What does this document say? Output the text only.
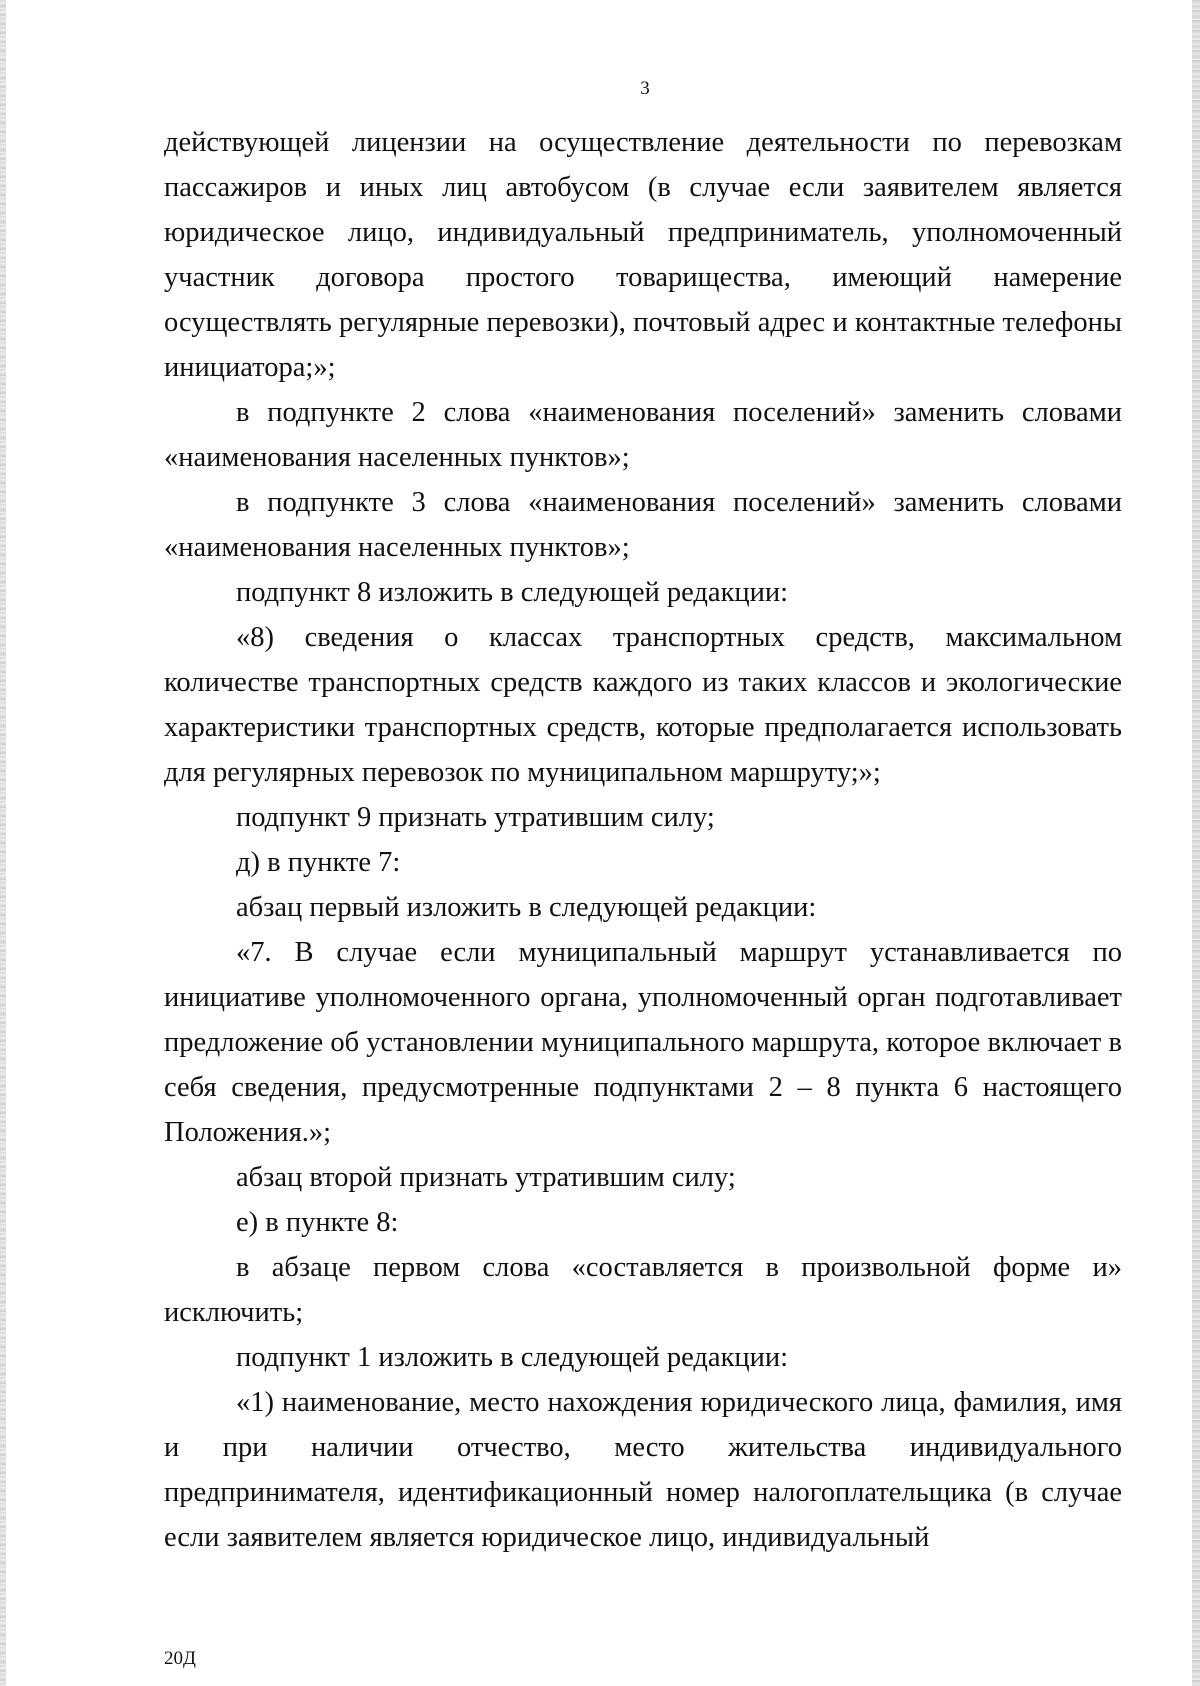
3

действующей лицензии на осуществление деятельности по перевозкам пассажиров и иных лиц автобусом (в случае если заявителем является юридическое лицо, индивидуальный предприниматель, уполномоченный участник договора простого товарищества, имеющий намерение осуществлять регулярные перевозки), почтовый адрес и контактные телефоны инициатора;»;

в подпункте 2 слова «наименования поселений» заменить словами «наименования населенных пунктов»;

в подпункте 3 слова «наименования поселений» заменить словами «наименования населенных пунктов»;

подпункт 8 изложить в следующей редакции:

«8) сведения о классах транспортных средств, максимальном количестве транспортных средств каждого из таких классов и экологические характеристики транспортных средств, которые предполагается использовать для регулярных перевозок по муниципальном маршруту;»;

подпункт 9 признать утратившим силу;

д) в пункте 7:

абзац первый изложить в следующей редакции:

«7. В случае если муниципальный маршрут устанавливается по инициативе уполномоченного органа, уполномоченный орган подготавливает предложение об установлении муниципального маршрута, которое включает в себя сведения, предусмотренные подпунктами 2 – 8 пункта 6 настоящего Положения.»;

абзац второй признать утратившим силу;

е) в пункте 8:

в абзаце первом слова «составляется в произвольной форме и» исключить;

подпункт 1 изложить в следующей редакции:

«1) наименование, место нахождения юридического лица, фамилия, имя и при наличии отчество, место жительства индивидуального предпринимателя, идентификационный номер налогоплательщика (в случае если заявителем является юридическое лицо, индивидуальный

20Д
